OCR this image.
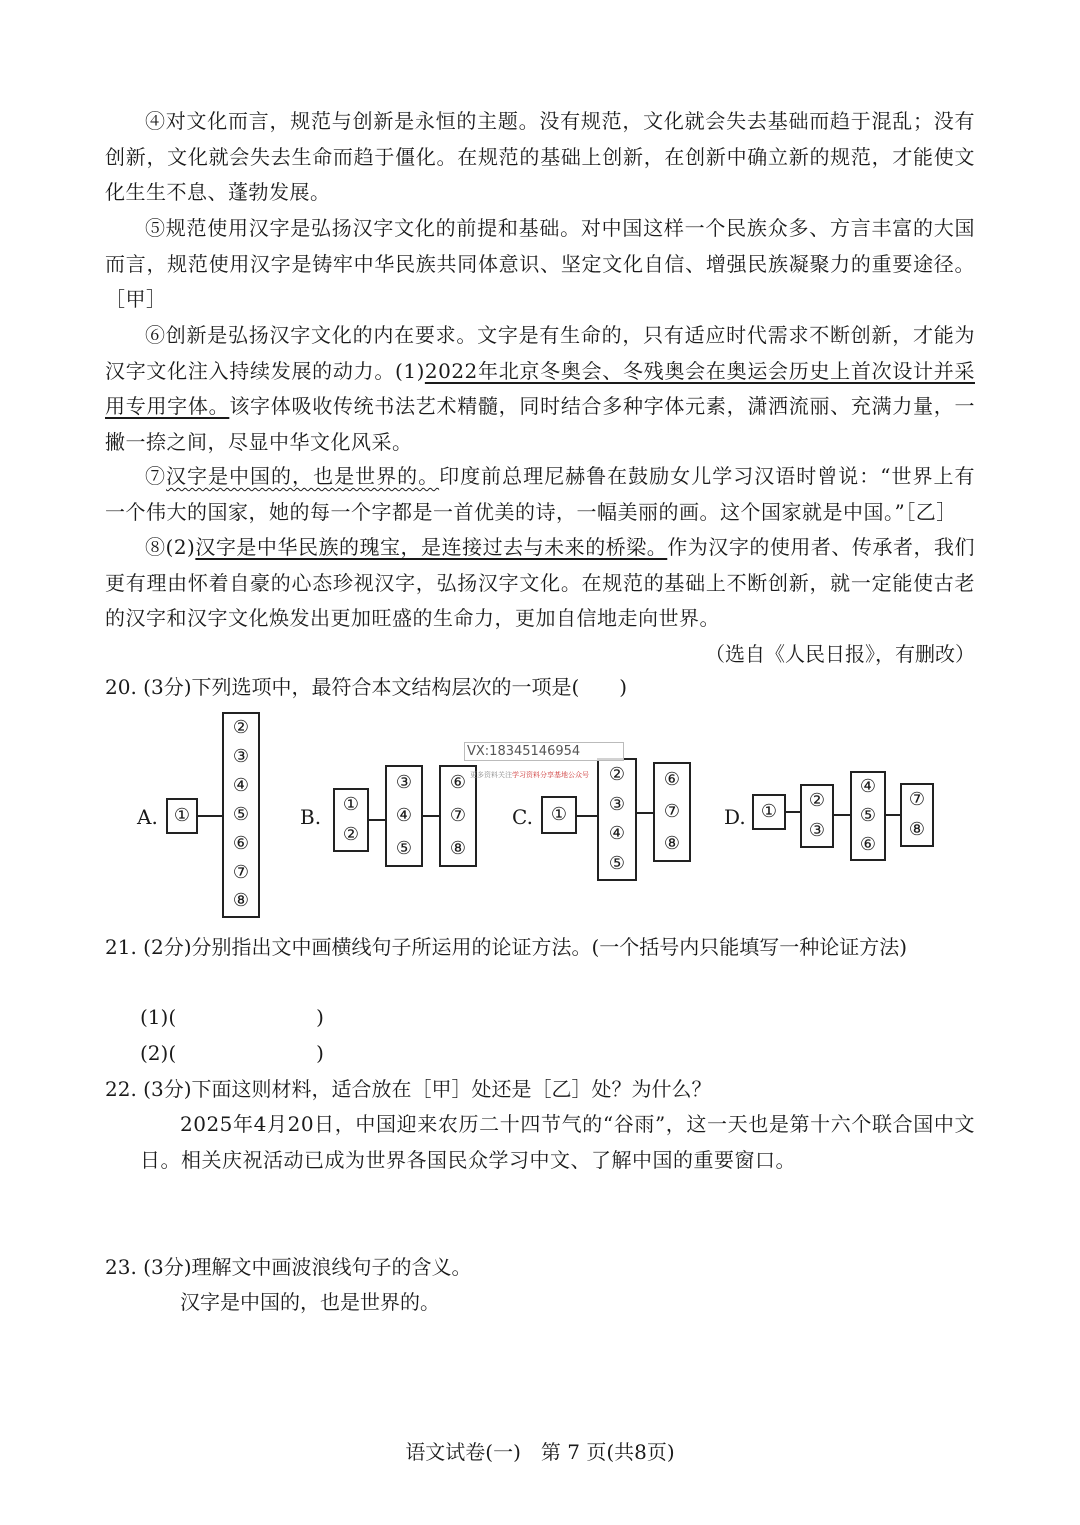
④对文化而言，规范与创新是永恒的主题。没有规范，文化就会失去基础而趋于混乱；没有创新，文化就会失去生命而趋于僵化。在规范的基础上创新，在创新中确立新的规范，才能使文化生生不息、蓬勃发展。
⑤规范使用汉字是弘扬汉字文化的前提和基础。对中国这样一个民族众多、方言丰富的大国而言，规范使用汉字是铸牢中华民族共同体意识、坚定文化自信、增强民族凝聚力的重要途径。［甲］
⑥创新是弘扬汉字文化的内在要求。文字是有生命的，只有适应时代需求不断创新，才能为汉字文化注入持续发展的动力。(1)2022年北京冬奥会、冬残奥会在奥运会历史上首次设计并采用专用字体。该字体吸收传统书法艺术精髓，同时结合多种字体元素，潇洒流丽、充满力量，一撇一捺之间，尽显中华文化风采。
⑦汉字是中国的，也是世界的。印度前总理尼赫鲁在鼓励女儿学习汉语时曾说：“世界上有一个伟大的国家，她的每一个字都是一首优美的诗，一幅美丽的画。这个国家就是中国。”［乙］
⑧(2)汉字是中华民族的瑰宝，是连接过去与未来的桥梁。作为汉字的使用者、传承者，我们更有理由怀着自豪的心态珍视汉字，弘扬汉字文化。在规范的基础上不断创新，就一定能使古老的汉字和汉字文化焕发出更加旺盛的生命力，更加自信地走向世界。
（选自《人民日报》，有删改）
20. (3分)下列选项中，最符合本文结构层次的一项是(　　)
A. ①
②
③
④
⑤
⑥
⑦
⑧
B.
①
②
③
④
⑤
⑥
⑦
⑧
C. ①
②
③
④
⑤
⑥
⑦
⑧
D. ①
②
③
④
⑤
⑥
⑦
⑧
VX:18345146954
更多资料关注学习资料分享基地公众号
21. (2分)分别指出文中画横线句子所运用的论证方法。(一个括号内只能填写一种论证方法)
(1)(　　　　　　　)
(2)(　　　　　　　)
22. (3分)下面这则材料，适合放在［甲］处还是［乙］处？为什么？
2025年4月20日，中国迎来农历二十四节气的“谷雨”，这一天也是第十六个联合国中文日。相关庆祝活动已成为世界各国民众学习中文、了解中国的重要窗口。
23. (3分)理解文中画波浪线句子的含义。
汉字是中国的，也是世界的。
语文试卷(一)　第 7 页(共8页)
